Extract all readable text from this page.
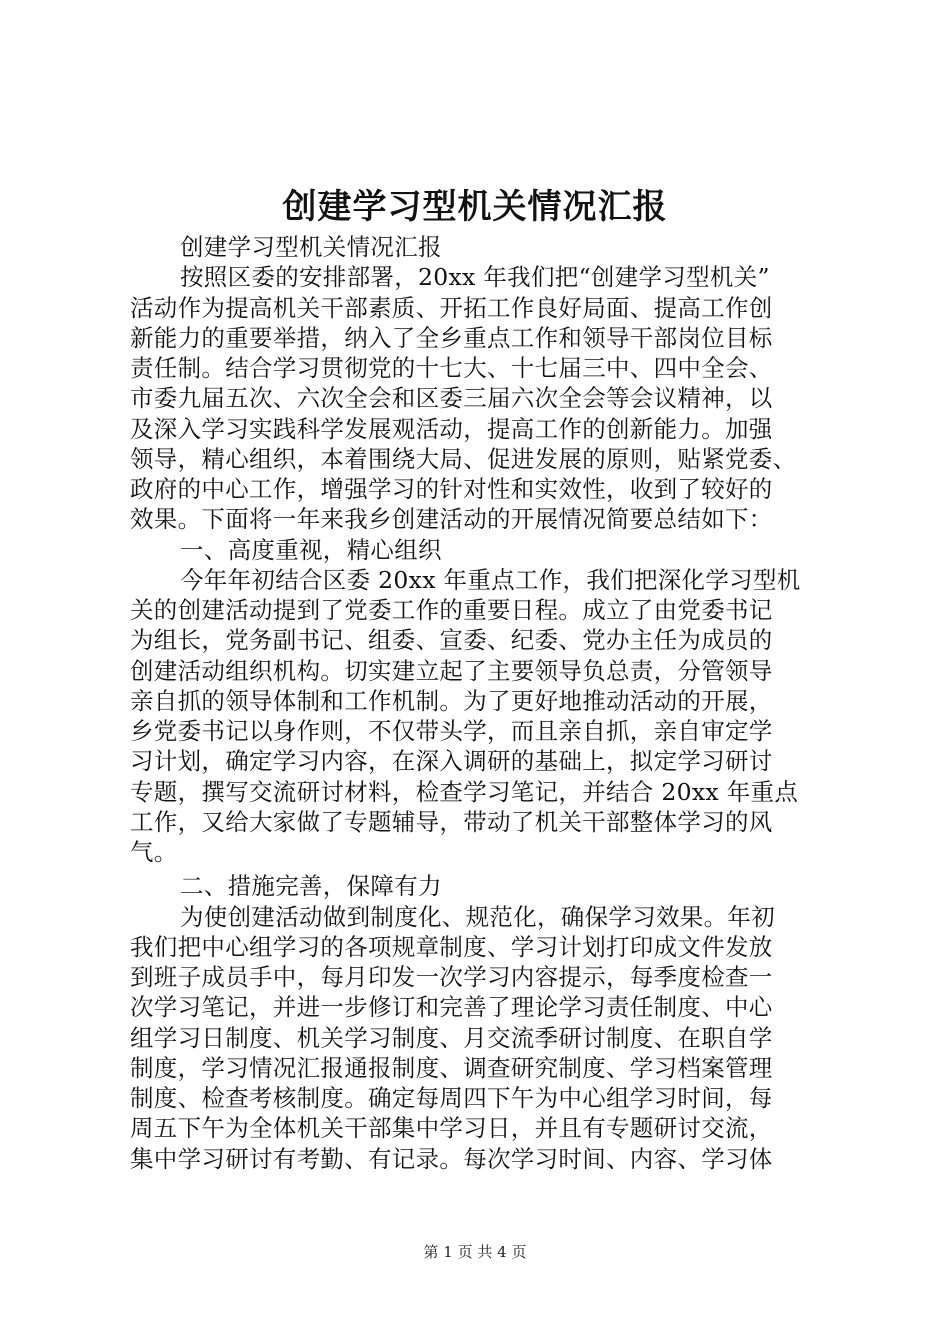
创建学习型机关情况汇报
创建学习型机关情况汇报
按照区委的安排部署，20xx 年我们把“创建学习型机关”
活动作为提高机关干部素质、开拓工作良好局面、提高工作创
新能力的重要举措，纳入了全乡重点工作和领导干部岗位目标
责任制。结合学习贯彻党的十七大、十七届三中、四中全会、
市委九届五次、六次全会和区委三届六次全会等会议精神，以
及深入学习实践科学发展观活动，提高工作的创新能力。加强
领导，精心组织，本着围绕大局、促进发展的原则，贴紧党委、
政府的中心工作，增强学习的针对性和实效性，收到了较好的
效果。下面将一年来我乡创建活动的开展情况简要总结如下：
一、高度重视，精心组织
今年年初结合区委 20xx 年重点工作，我们把深化学习型机
关的创建活动提到了党委工作的重要日程。成立了由党委书记
为组长，党务副书记、组委、宣委、纪委、党办主任为成员的
创建活动组织机构。切实建立起了主要领导负总责，分管领导
亲自抓的领导体制和工作机制。为了更好地推动活动的开展，
乡党委书记以身作则，不仅带头学，而且亲自抓，亲自审定学
习计划，确定学习内容，在深入调研的基础上，拟定学习研讨
专题，撰写交流研讨材料，检查学习笔记，并结合 20xx 年重点
工作，又给大家做了专题辅导，带动了机关干部整体学习的风
气。
二、措施完善，保障有力
为使创建活动做到制度化、规范化，确保学习效果。年初
我们把中心组学习的各项规章制度、学习计划打印成文件发放
到班子成员手中，每月印发一次学习内容提示，每季度检查一
次学习笔记，并进一步修订和完善了理论学习责任制度、中心
组学习日制度、机关学习制度、月交流季研讨制度、在职自学
制度，学习情况汇报通报制度、调查研究制度、学习档案管理
制度、检查考核制度。确定每周四下午为中心组学习时间，每
周五下午为全体机关干部集中学习日，并且有专题研讨交流，
集中学习研讨有考勤、有记录。每次学习时间、内容、学习体
第 1 页 共 4 页
